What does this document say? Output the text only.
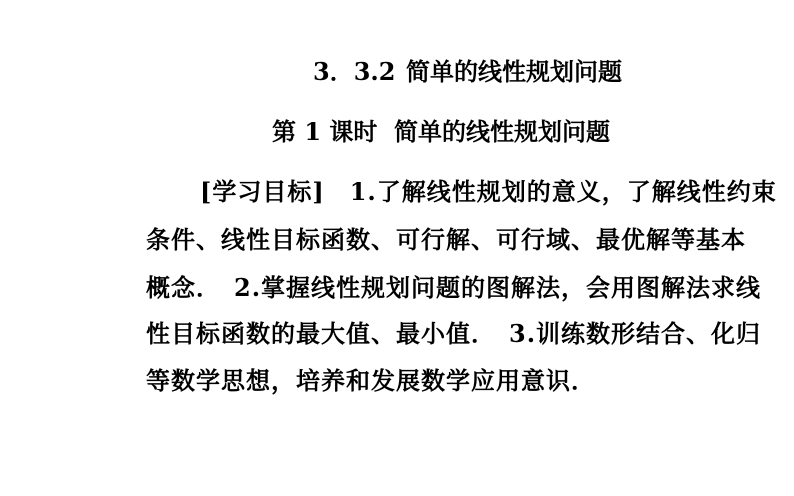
3．3.2 简单的线性规划问题
第 1 课时 简单的线性规划问题
[学习目标]　1.了解线性规划的意义，了解线性约束
条件、线性目标函数、可行解、可行域、最优解等基本
概念．　2.掌握线性规划问题的图解法，会用图解法求线
性目标函数的最大值、最小值．　3.训练数形结合、化归
等数学思想，培养和发展数学应用意识．
